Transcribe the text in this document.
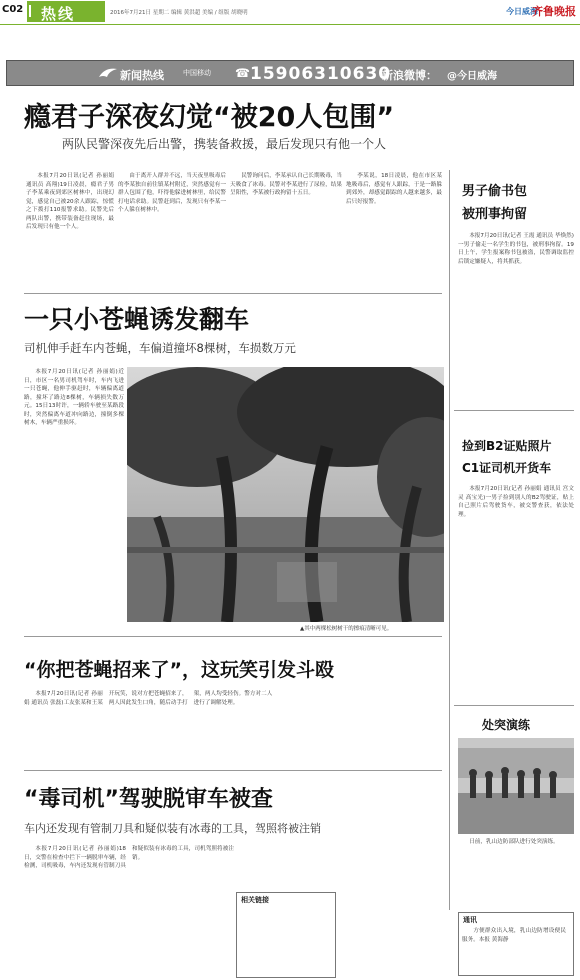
C02	热线	2016年7月21日 星期二 编辑 黄洪超 美编 / 组版 胡晓明	今日威海
齐鲁晚报
新闻热线	中国移动 ☎ 15906310630
新浪微博： @今日威海
瘾君子深夜幻觉“被20人包围”
两队民警深夜先后出警，携装备救援，最后发现只有他一个人

本报7月20日讯(记者 孙丽娟 通讯员 高翔)19日凌晨，瘾君子男子李某乘夜到郊区树林中，出现幻觉，感觉自己被20余人跟踪，惊慌之下拨打110报警求助。民警先后两队出警，携带装备赶往现场，最后发现只有他一个人。

由于离开人群并不远，当天夜里吸毒后的李某独自前往镇某村附近，突然感觉有一群人包围了他，吓得他躲进树林里，给民警打电话求助。民警赶到后，发现只有李某一个人躲在树林中。

民警询问后，李某承认自己长期吸毒，当天吸食了冰毒。民警对李某进行了尿检，结果呈阳性，李某被行政拘留十五日。

李某说，18日凌晨，他在市区某地吸毒后，感觉有人跟踪，于是一路躲到郊外，却感觉跟踪的人越来越多，最后只好报警。

一只小苍蝇诱发翻车
司机伸手赶车内苍蝇，车偏道撞坏8棵树，车损数万元

本报7月20日讯(记者 孙丽娟)近日，市区一名男司机驾车时，车内飞进一只苍蝇，他伸手驱赶时，车辆偏离道路，撞坏了路边8棵树，车辆损失数万元。15日13时许，一辆轿车驶至某路段时，突然偏离车道冲向路边，撞倒多棵树木，车辆严重损坏。

▲其中两棵松树树干的擦痕清晰可见。
“你把苍蝇招来了”，这玩笑引发斗殴

本报7月20日讯(记者 孙丽娟 通讯员 张磊)工友张某和王某开玩笑，说对方把苍蝇招来了，两人因此发生口角，随后动手打架，两人均受轻伤。警方对二人进行了调解处理。

“毒司机”驾驶脱审车被查
车内还发现有管制刀具和疑似装有冰毒的工具，驾照将被注销

本报7月20日讯(记者 孙丽娟)18日，交警在检查中拦下一辆脱审车辆，经检测，司机吸毒，车内还发现有管制刀具和疑似装有冰毒的工具，司机驾照将被注销。

相关链接
男子偷书包
被刑事拘留

本报7月20日讯(记者 王霞 通讯员 毕焕然)一男子偷走一名学生的书包，被刑事拘留。19日上午，学生报案称书包被盗，民警调取监控后锁定嫌疑人，将其抓获。

捡到B2证贴照片
C1证司机开货车

本报7月20日讯(记者 孙丽娟 通讯员 宫文灵 高宝光)一男子捡到别人的B2驾驶证，贴上自己照片后驾驶货车，被交警查获，依法处理。

处突演练

日前，乳山边防部队进行处突演练。

通讯

方便群众出入境，乳山边防增设便民服务。本报 黄海静
